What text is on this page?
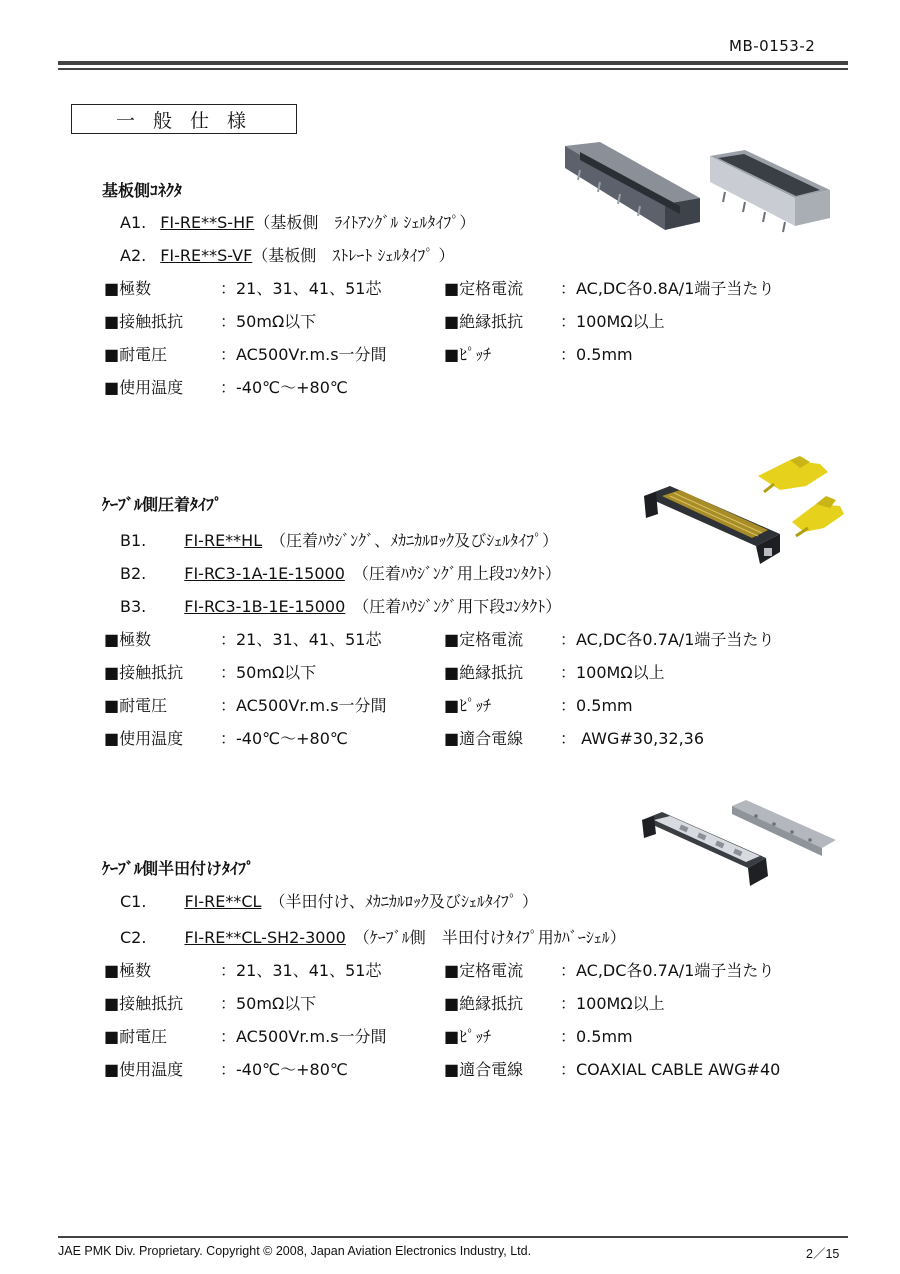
MB-0153-2
一 般 仕 様
基板側ｺﾈｸﾀ
A1. FI-RE**S-HF（基板側　ﾗｲﾄｱﾝｸﾞﾙ ｼｪﾙﾀｲﾌﾟ）
A2. FI-RE**S-VF（基板側　ｽﾄﾚｰﾄ ｼｪﾙﾀｲﾌﾟ ）
■極数	：21、31、41、51芯	■定格電流 ：AC,DC各0.8A/1端子当たり
■接触抵抗 ：50mΩ以下	■絶縁抵抗 ：100MΩ以上
■耐電圧	：AC500Vr.m.s一分間	■ﾋﾟｯﾁ	：0.5mm
■使用温度 ：-40℃～+80℃
ｹｰﾌﾞﾙ側圧着ﾀｲﾌﾟ
B1. FI-RE**HL　（圧着ﾊｳｼﾞﾝｸﾞ、ﾒｶﾆｶﾙﾛｯｸ及びｼｪﾙﾀｲﾌﾟ）
B2. FI-RC3-1A-1E-15000　（圧着ﾊｳｼﾞﾝｸﾞ用上段ｺﾝﾀｸﾄ）
B3. FI-RC3-1B-1E-15000　（圧着ﾊｳｼﾞﾝｸﾞ用下段ｺﾝﾀｸﾄ）
■極数	：21、31、41、51芯	■定格電流 ：AC,DC各0.7A/1端子当たり
■接触抵抗 ：50mΩ以下	■絶縁抵抗 ：100MΩ以上
■耐電圧	：AC500Vr.m.s一分間	■ﾋﾟｯﾁ	：0.5mm
■使用温度 ：-40℃～+80℃	■適合電線 ： AWG#30,32,36
ｹｰﾌﾞﾙ側半田付けﾀｲﾌﾟ
C1. FI-RE**CL　（半田付け、ﾒｶﾆｶﾙﾛｯｸ及びｼｪﾙﾀｲﾌﾟ ）
C2. FI-RE**CL-SH2-3000　（ｹｰﾌﾞﾙ側　半田付けﾀｲﾌﾟ用ｶﾊﾞｰｼｪﾙ）
■極数	：21、31、41、51芯	■定格電流 ：AC,DC各0.7A/1端子当たり
■接触抵抗 ：50mΩ以下	■絶縁抵抗 ：100MΩ以上
■耐電圧	：AC500Vr.m.s一分間	■ﾋﾟｯﾁ	：0.5mm
■使用温度 ：-40℃～+80℃	■適合電線 ：COAXIAL CABLE AWG#40
JAE PMK Div. Proprietary. Copyright © 2008, Japan Aviation Electronics Industry, Ltd.	2／15
